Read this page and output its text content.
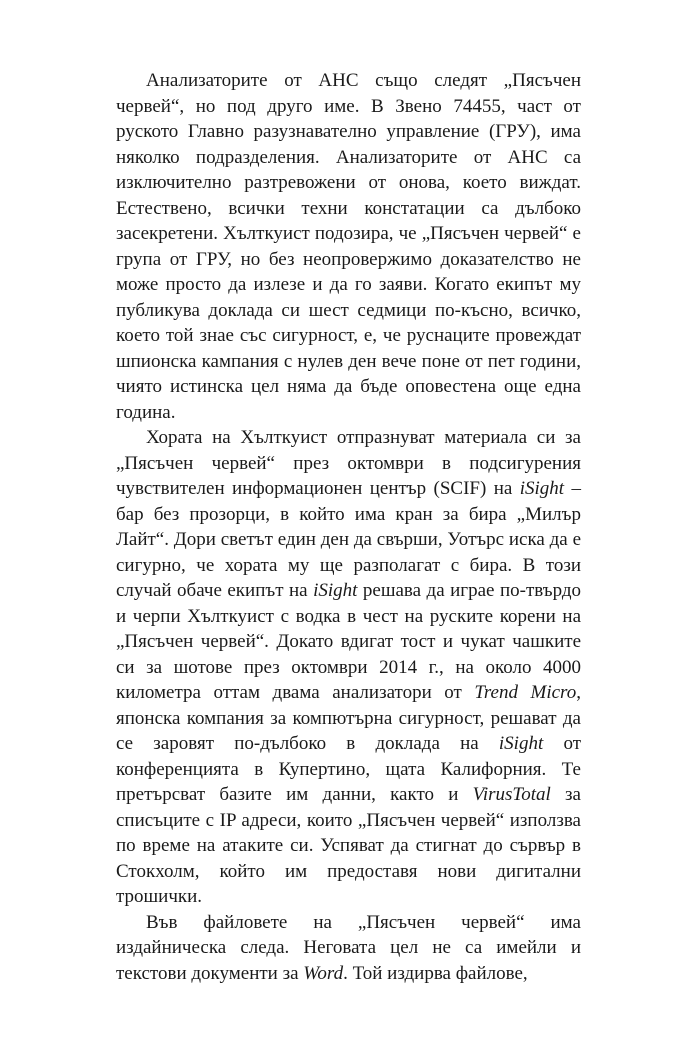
Анализаторите от АНС също следят „Пясъчен червей“, но под друго име. В Звено 74455, част от руското Главно разузнавателно управление (ГРУ), има няколко подразделения. Анализаторите от АНС са изключително разтревожени от онова, което виждат. Естествено, всички техни констатации са дълбоко засекретени. Хълткуист подозира, че „Пясъчен червей“ е група от ГРУ, но без неопровержимо доказателство не може просто да излезе и да го заяви. Когато екипът му публикува доклада си шест седмици по-късно, всичко, което той знае със сигурност, е, че руснаците провеждат шпионска кампания с нулев ден вече поне от пет години, чиято истинска цел няма да бъде оповестена още една година.

Хората на Хълткуист отпразнуват материала си за „Пясъчен червей“ през октомври в подсигурения чувствителен информационен център (SCIF) на iSight – бар без прозорци, в който има кран за бира „Милър Лайт“. Дори светът един ден да свърши, Уотърс иска да е сигурно, че хората му ще разполагат с бира. В този случай обаче екипът на iSight решава да играе по-твърдо и черпи Хълткуист с водка в чест на руските корени на „Пясъчен червей“. Докато вдигат тост и чукат чашките си за шотове през октомври 2014 г., на около 4000 километра оттам двама анализатори от Trend Micro, японска компания за компютърна сигурност, решават да се заровят по-дълбоко в доклада на iSight от конференцията в Купертино, щата Калифорния. Те претърсват базите им данни, както и VirusTotal за списъците с IP адреси, които „Пясъчен червей“ използва по време на атаките си. Успяват да стигнат до сървър в Стокхолм, който им предоставя нови дигитални трошички.

Във файловете на „Пясъчен червей“ има издайническа следа. Неговата цел не са имейли и текстови документи за Word. Той издирва файлове,
